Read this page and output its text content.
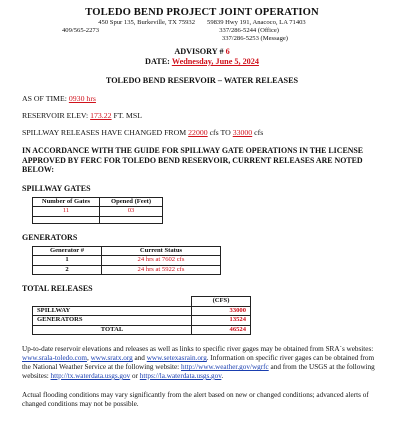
TOLEDO BEND PROJECT JOINT OPERATION
450 Spur 135, Burkeville, TX 75932 59839 Hwy 191, Anacoco, LA 71403
409/565-2273	337/286-5244 (Office)
337/286-5253 (Message)
ADVISORY # 6
DATE: Wednesday, June 5, 2024
TOLEDO BEND RESERVOIR – WATER RELEASES
AS OF TIME: 0930 hrs
RESERVOIR ELEV: 173.22 FT. MSL
SPILLWAY RELEASES HAVE CHANGED FROM 22000 cfs TO 33000 cfs
IN ACCORDANCE WITH THE GUIDE FOR SPILLWAY GATE OPERATIONS IN THE LICENSE APPROVED BY FERC FOR TOLEDO BEND RESERVOIR, CURRENT RELEASES ARE NOTED BELOW:
SPILLWAY GATES
Number of Gates	Opened (Feet)
11	03

GENERATORS
Generator #	Current Status
1	24 hrs at 7602 cfs
2	24 hrs at 5922 cfs
TOTAL RELEASES
	(CFS)
SPILLWAY	33000
GENERATORS	13524
TOTAL	46524
Up-to-date reservoir elevations and releases as well as links to specific river gages may be obtained from SRA´s websites: www.srala-toledo.com, www.sratx.org and www.setexasrain.org. Information on specific river gages can be obtained from the National Weather Service at the following website: http://www.weather.gov/wgrfc and from the USGS at the following websites: http://tx.waterdata.usgs.gov or https://la.waterdata.usgs.gov.
Actual flooding conditions may vary significantly from the alert based on new or changed conditions; advanced alerts of changed conditions may not be possible.
